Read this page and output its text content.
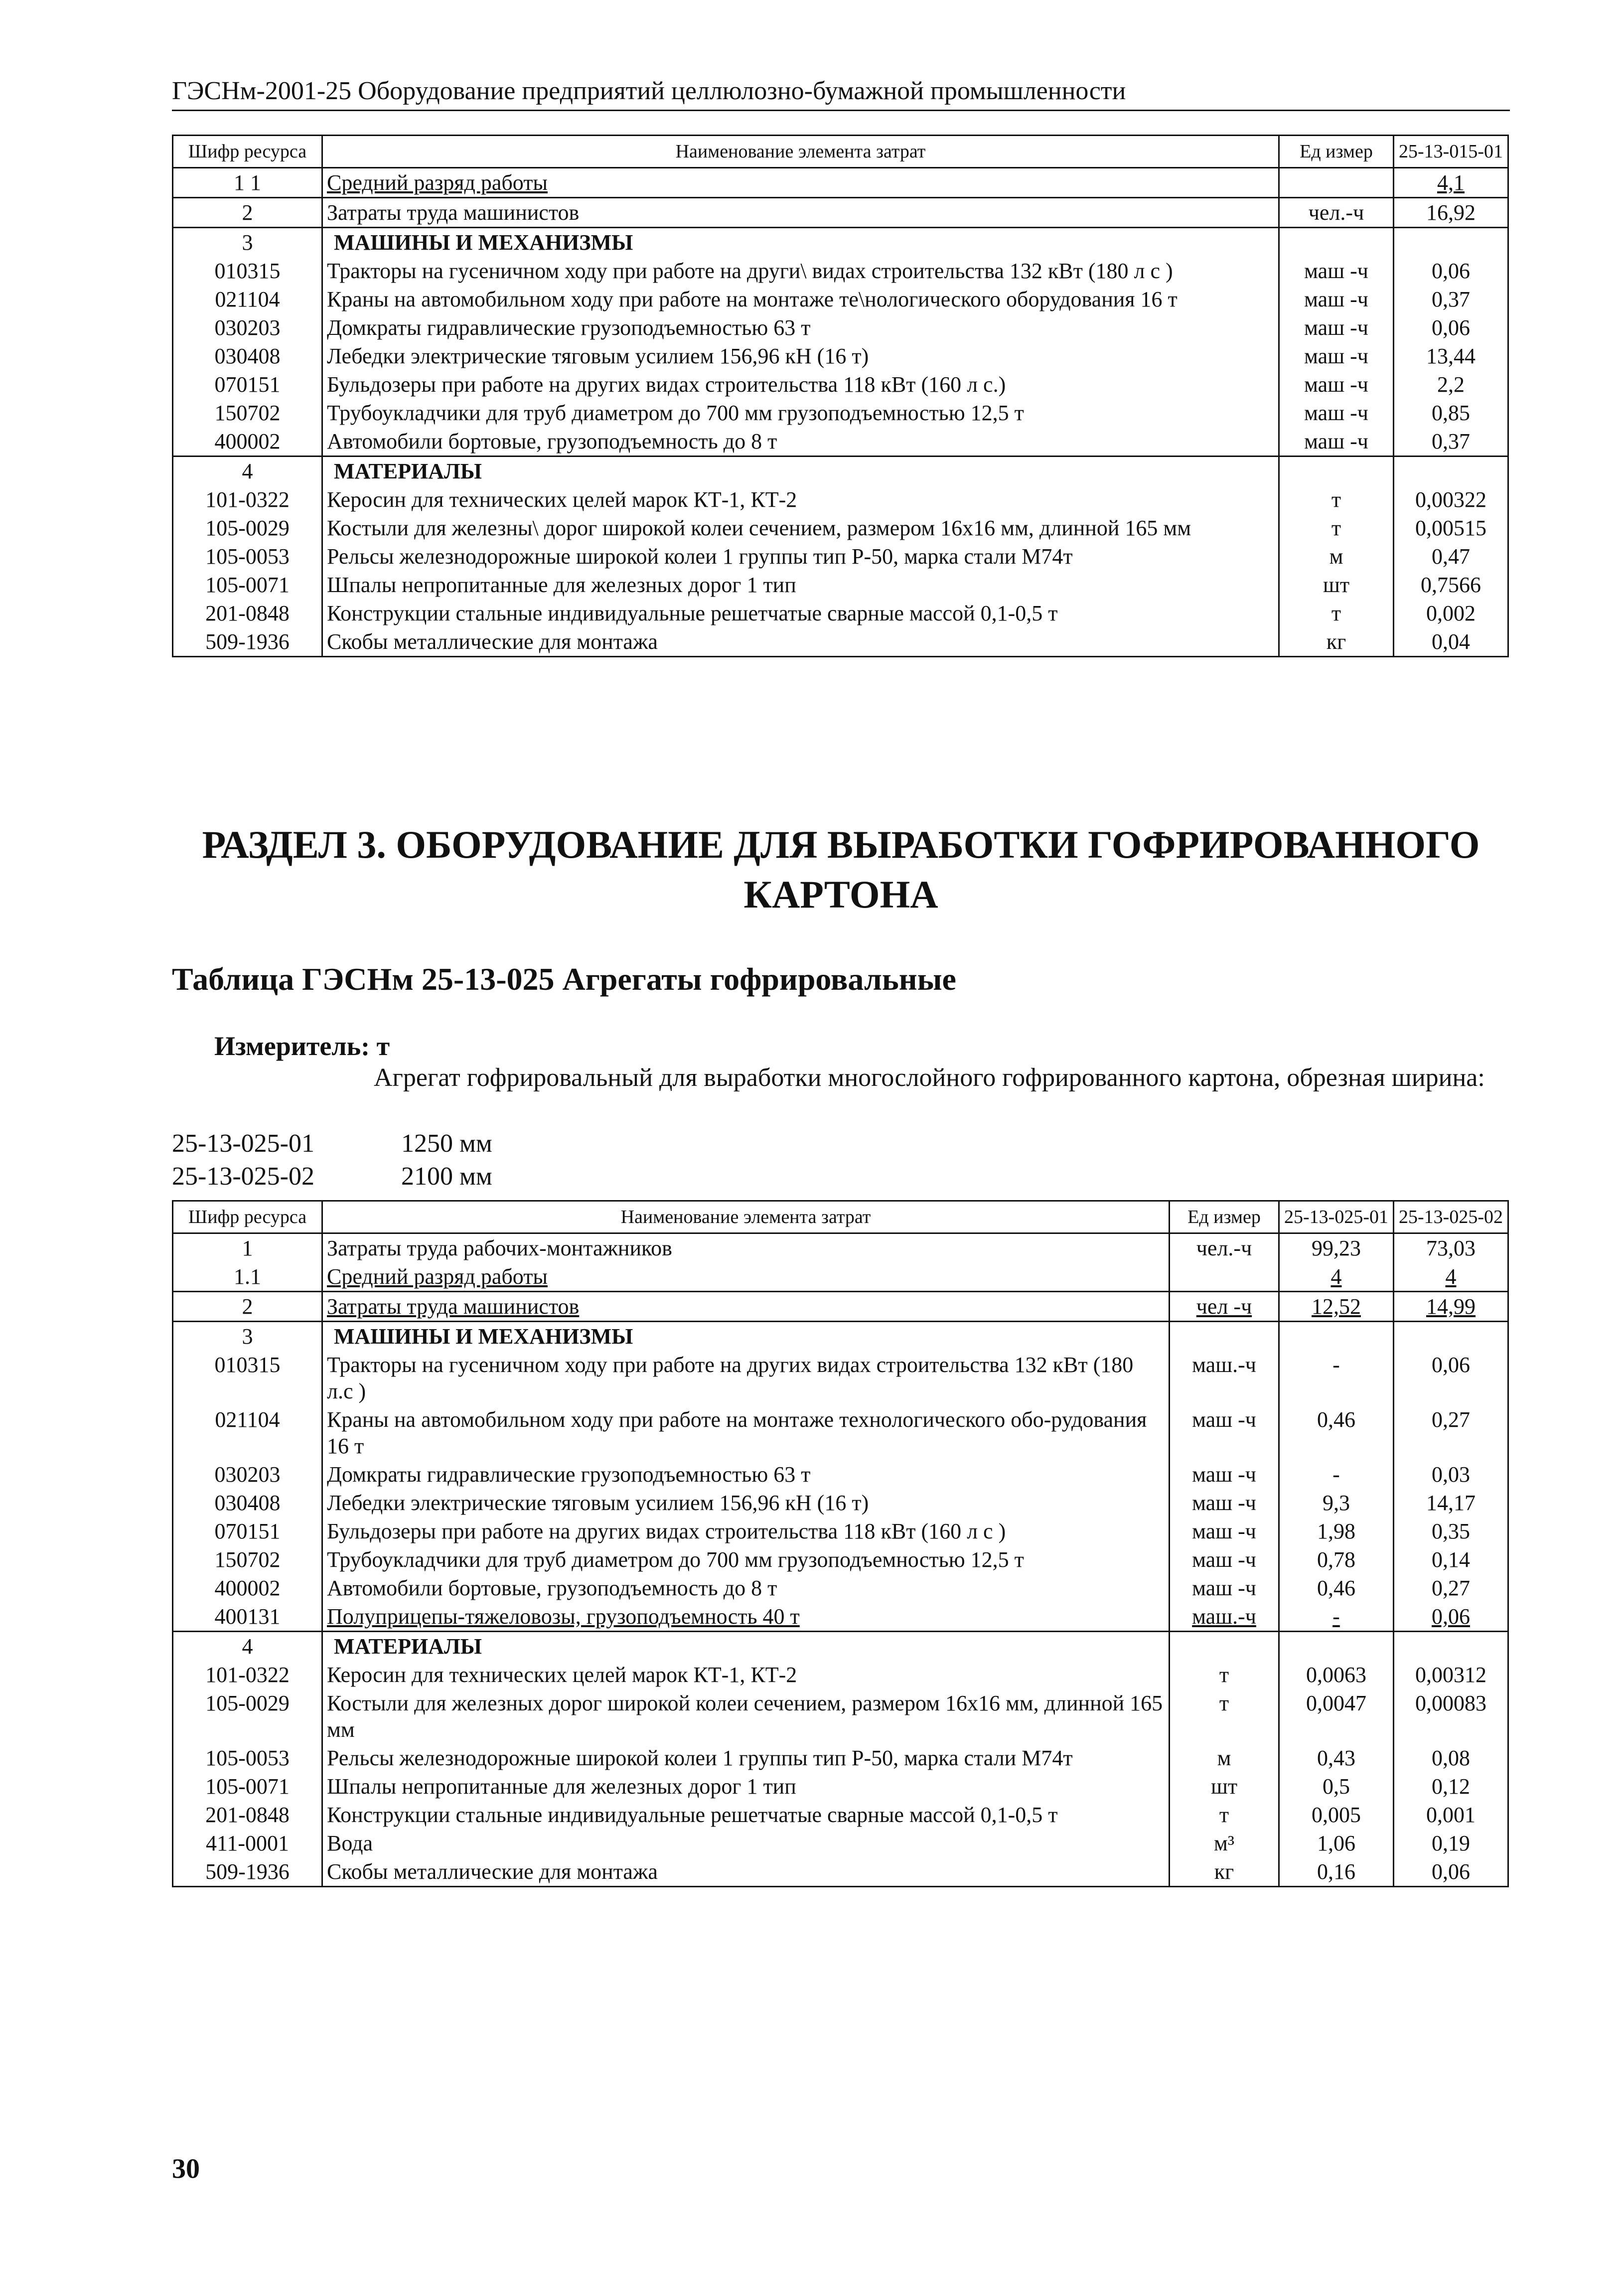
ГЭСНм-2001-25 Оборудование предприятий целлюлозно-бумажной промышленности
Шифр ресурса	Наименование элемента затрат	Ед измер	25-13-015-01
1 1	Средний разряд работы		4,1
2	Затраты труда машинистов	чел.-ч	16,92
3	МАШИНЫ И МЕХАНИЗМЫ		
010315	Тракторы на гусеничном ходу при работе на други\ видах строительства 132 кВт (180 л с )	маш -ч	0,06
021104	Краны на автомобильном ходу при работе на монтаже те\нологического оборудования 16 т	маш -ч	0,37
030203	Домкраты гидравлические грузоподъемностью 63 т	маш -ч	0,06
030408	Лебедки электрические тяговым усилием 156,96 кН (16 т)	маш -ч	13,44
070151	Бульдозеры при работе на других видах строительства 118 кВт (160 л с.)	маш -ч	2,2
150702	Трубоукладчики для труб диаметром до 700 мм грузоподъемностью 12,5 т	маш -ч	0,85
400002	Автомобили бортовые, грузоподъемность до 8 т	маш -ч	0,37
4	МАТЕРИАЛЫ		
101-0322	Керосин для технических целей марок КТ-1, КТ-2	т	0,00322
105-0029	Костыли для железны\ дорог широкой колеи сечением, размером 16х16 мм, длинной 165 мм	т	0,00515
105-0053	Рельсы железнодорожные широкой колеи 1 группы тип Р-50, марка стали М74т	м	0,47
105-0071	Шпалы непропитанные для железных дорог 1 тип	шт	0,7566
201-0848	Конструкции стальные индивидуальные решетчатые сварные массой 0,1-0,5 т	т	0,002
509-1936	Скобы металлические для монтажа	кг	0,04
РАЗДЕЛ 3. ОБОРУДОВАНИЕ ДЛЯ ВЫРАБОТКИ ГОФРИРОВАННОГО КАРТОНА
Таблица ГЭСНм 25-13-025 Агрегаты гофрировальные
Измеритель: т
Агрегат гофрировальный для выработки многослойного гофрированного картона, обрезная ширина:
25-13-025-01	1250 мм
25-13-025-02	2100 мм
Шифр ресурса	Наименование элемента затрат	Ед измер	25-13-025-01	25-13-025-02
1	Затраты труда рабочих-монтажников	чел.-ч	99,23	73,03
1.1	Средний разряд работы		4	4
2	Затраты труда машинистов	чел -ч	12,52	14,99
3	МАШИНЫ И МЕХАНИЗМЫ			
010315	Тракторы на гусеничном ходу при работе на других видах строительства 132 кВт (180 л.с )	маш.-ч	-	0,06
021104	Краны на автомобильном ходу при работе на монтаже технологического обо-рудования 16 т	маш -ч	0,46	0,27
030203	Домкраты гидравлические грузоподъемностью 63 т	маш -ч	-	0,03
030408	Лебедки электрические тяговым усилием 156,96 кН (16 т)	маш -ч	9,3	14,17
070151	Бульдозеры при работе на других видах строительства 118 кВт (160 л с )	маш -ч	1,98	0,35
150702	Трубоукладчики для труб диаметром до 700 мм грузоподъемностью 12,5 т	маш -ч	0,78	0,14
400002	Автомобили бортовые, грузоподъемность до 8 т	маш -ч	0,46	0,27
400131	Полуприцепы-тяжеловозы, грузоподъемность 40 т	маш.-ч	-	0,06
4	МАТЕРИАЛЫ			
101-0322	Керосин для технических целей марок КТ-1, КТ-2	т	0,0063	0,00312
105-0029	Костыли для железных дорог широкой колеи сечением, размером 16х16 мм, длинной 165 мм	т	0,0047	0,00083
105-0053	Рельсы железнодорожные широкой колеи 1 группы тип Р-50, марка стали М74т	м	0,43	0,08
105-0071	Шпалы непропитанные для железных дорог 1 тип	шт	0,5	0,12
201-0848	Конструкции стальные индивидуальные решетчатые сварные массой 0,1-0,5 т	т	0,005	0,001
411-0001	Вода	м³	1,06	0,19
509-1936	Скобы металлические для монтажа	кг	0,16	0,06
30
